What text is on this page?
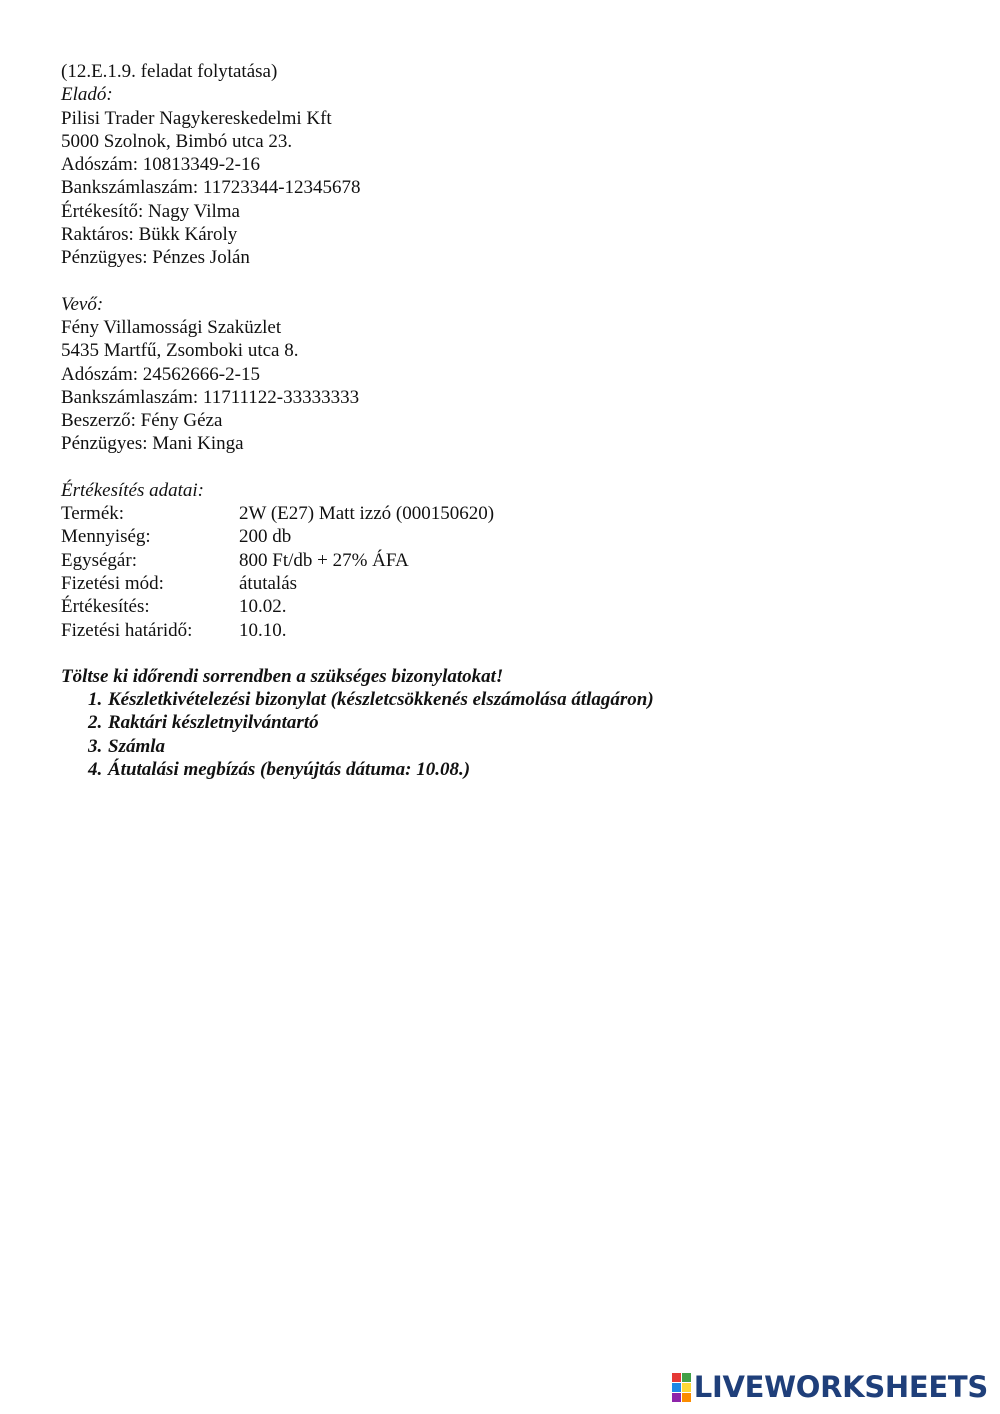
(12.E.1.9. feladat folytatása)
Eladó:
Pilisi Trader Nagykereskedelmi Kft
5000 Szolnok, Bimbó utca 23.
Adószám: 10813349-2-16
Bankszámlaszám: 11723344-12345678
Értékesítő: Nagy Vilma
Raktáros: Bükk Károly
Pénzügyes: Pénzes Jolán
Vevő:
Fény Villamossági Szaküzlet
5435 Martfű, Zsomboki utca 8.
Adószám: 24562666-2-15
Bankszámlaszám: 11711122-33333333
Beszerző: Fény Géza
Pénzügyes: Mani Kinga
Értékesítés adatai:
Termék:	2W (E27) Matt izzó (000150620)
Mennyiség:	200 db
Egységár:	800 Ft/db + 27% ÁFA
Fizetési mód:	átutalás
Értékesítés:	10.02.
Fizetési határidő:	10.10.
Töltse ki időrendi sorrendben a szükséges bizonylatokat!
1. Készletkivételezési bizonylat (készletcsökkenés elszámolása átlagáron)
2. Raktári készletnyilvántartó
3. Számla
4. Átutalási megbízás (benyújtás dátuma: 10.08.)
LIVEWORKSHEETS
